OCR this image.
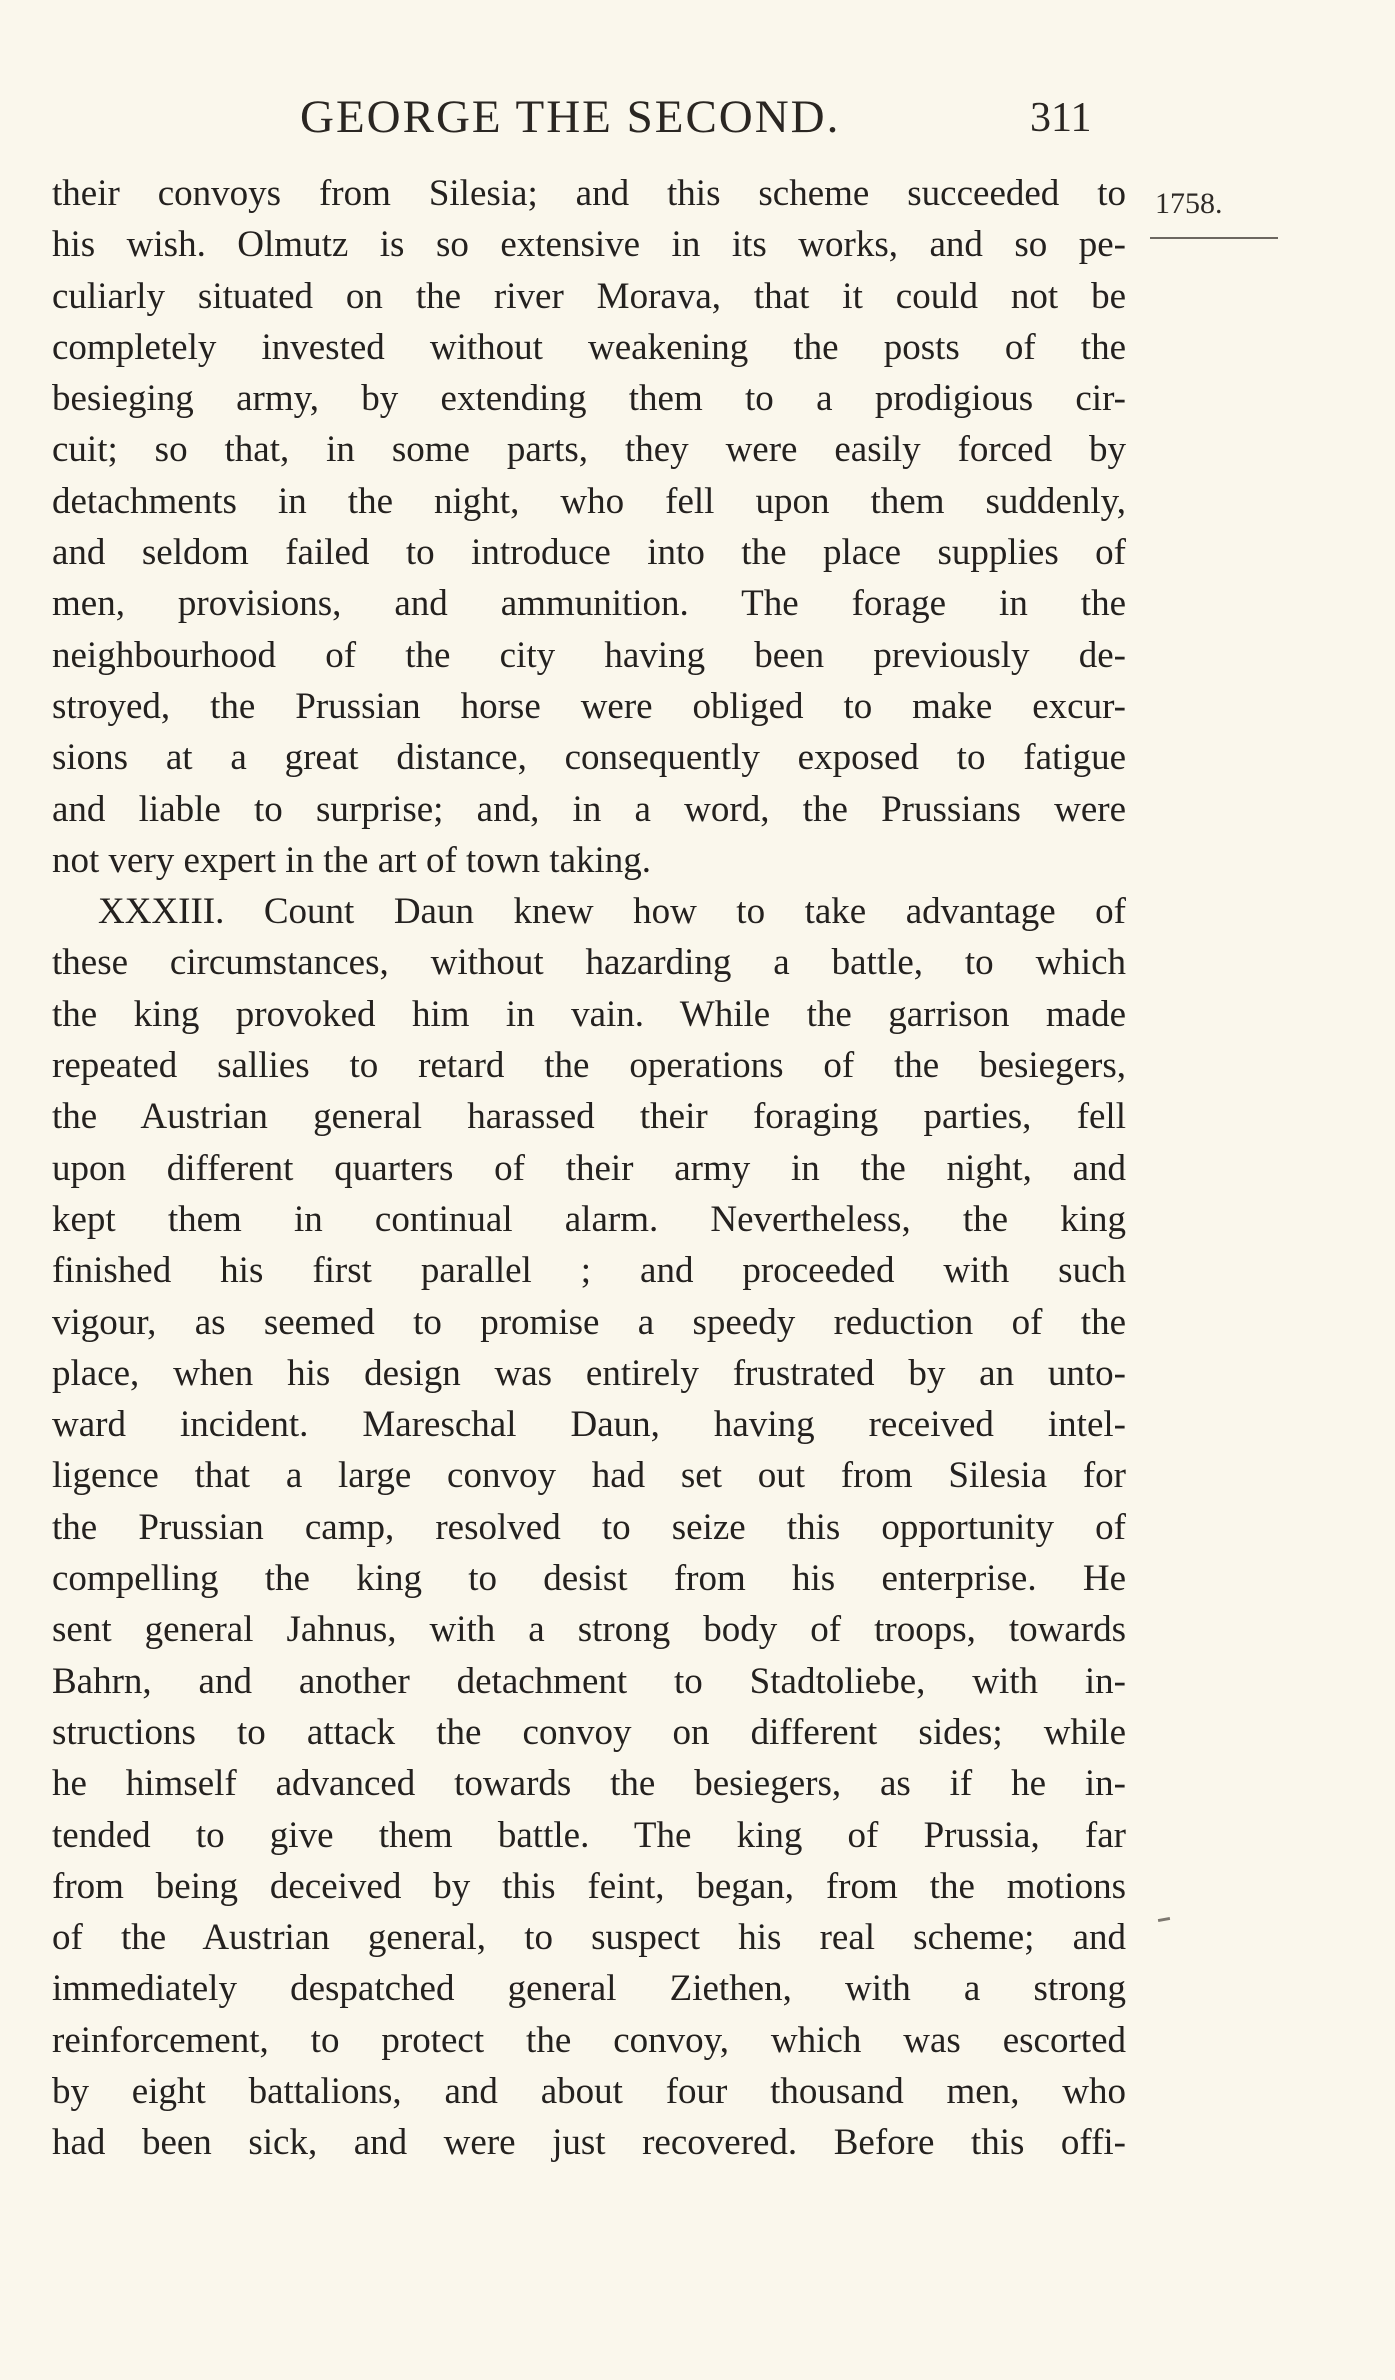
GEORGE THE SECOND.	311
1758.
their convoys from Silesia; and this scheme succeeded to
his wish. Olmutz is so extensive in its works, and so pe-
culiarly situated on the river Morava, that it could not be
completely invested without weakening the posts of the
besieging army, by extending them to a prodigious cir-
cuit; so that, in some parts, they were easily forced by
detachments in the night, who fell upon them suddenly,
and seldom failed to introduce into the place supplies of
men, provisions, and ammunition. The forage in the
neighbourhood of the city having been previously de-
stroyed, the Prussian horse were obliged to make excur-
sions at a great distance, consequently exposed to fatigue
and liable to surprise; and, in a word, the Prussians were
not very expert in the art of town taking.
XXXIII. Count Daun knew how to take advantage of
these circumstances, without hazarding a battle, to which
the king provoked him in vain. While the garrison made
repeated sallies to retard the operations of the besiegers,
the Austrian general harassed their foraging parties, fell
upon different quarters of their army in the night, and
kept them in continual alarm. Nevertheless, the king
finished his first parallel ; and proceeded with such
vigour, as seemed to promise a speedy reduction of the
place, when his design was entirely frustrated by an unto-
ward incident. Mareschal Daun, having received intel-
ligence that a large convoy had set out from Silesia for
the Prussian camp, resolved to seize this opportunity of
compelling the king to desist from his enterprise. He
sent general Jahnus, with a strong body of troops, towards
Bahrn, and another detachment to Stadtoliebe, with in-
structions to attack the convoy on different sides; while
he himself advanced towards the besiegers, as if he in-
tended to give them battle. The king of Prussia, far
from being deceived by this feint, began, from the motions
of the Austrian general, to suspect his real scheme; and
immediately despatched general Ziethen, with a strong
reinforcement, to protect the convoy, which was escorted
by eight battalions, and about four thousand men, who
had been sick, and were just recovered. Before this offi-
